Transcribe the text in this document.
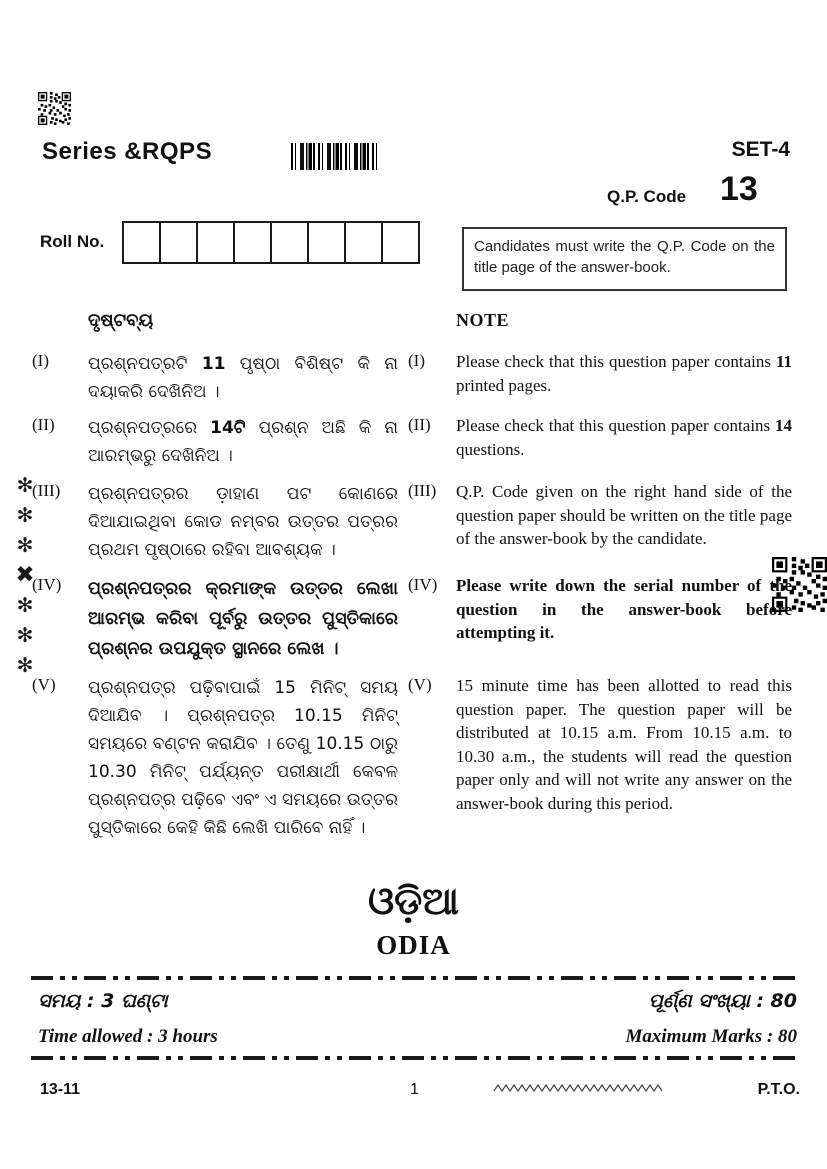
Series &RQPS	SET-4
Q.P. Code 13
Roll No.	Candidates must write the Q.P. Code on the title page of the answer-book.

✻
✻
✻
✖
✻
✻
✻
ଦୃଷ୍ଟବ୍ୟ	NOTE
(I) ପ୍ରଶ୍ନପତ୍ରଟି 11 ପୃଷ୍ଠା ବିଶିଷ୍ଟ କି ନା ଦୟାକରି ଦେଖିନିଅ ।

(I) Please check that this question paper contains 11 printed pages.

(II) ପ୍ରଶ୍ନପତ୍ରରେ 14ଟି ପ୍ରଶ୍ନ ଅଛି କି ନା ଆରମ୍ଭରୁ ଦେଖିନିଅ ।

(II) Please check that this question paper contains 14 questions.

(III) ପ୍ରଶ୍ନପତ୍ରର ଡ଼ାହାଣ ପଟ କୋଣରେ ଦିଆଯାଇଥିବା କୋଡ ନମ୍ବର ଉତ୍ତର ପତ୍ରର ପ୍ରଥମ ପୃଷ୍ଠାରେ ରହିବା ଆବଶ୍ୟକ ।

(III) Q.P. Code given on the right hand side of the question paper should be written on the title page of the answer-book by the candidate.

(IV) ପ୍ରଶ୍ନପତ୍ରର କ୍ରମାଙ୍କ ଉତ୍ତର ଲେଖା ଆରମ୍ଭ କରିବା ପୂର୍ବରୁ ଉତ୍ତର ପୁସ୍ତିକାରେ ପ୍ରଶ୍ନର ଉପଯୁକ୍ତ ସ୍ଥାନରେ ଲେଖ ।

(IV) Please write down the serial number of the question in the answer-book before attempting it.

(V) ପ୍ରଶ୍ନପତ୍ର ପଢ଼ିବାପାଇଁ 15 ମିନିଟ୍ ସମୟ ଦିଆଯିବ । ପ୍ରଶ୍ନପତ୍ର 10.15 ମିନିଟ୍ ସମୟରେ ବଣ୍ଟନ କରାଯିବ । ତେଣୁ 10.15 ଠାରୁ 10.30 ମିନିଟ୍ ପର୍ଯ୍ୟନ୍ତ ପରୀକ୍ଷାର୍ଥୀ କେବଳ ପ୍ରଶ୍ନପତ୍ର ପଢ଼ିବେ ଏବଂ ଏ ସମୟରେ ଉତ୍ତର ପୁସ୍ତିକାରେ କେହି କିଛି ଲେଖି ପାରିବେ ନାହିଁ ।

(V) 15 minute time has been allotted to read this question paper. The question paper will be distributed at 10.15 a.m. From 10.15 a.m. to 10.30 a.m., the students will read the question paper only and will not write any answer on the answer-book during this period.

ଓଡ଼ିଆ
ODIA
ସମୟ : 3 ଘଣ୍ଟା
Time allowed : 3 hours
ପୂର୍ଣ୍ଣ ସଂଖ୍ୟା : 80
Maximum Marks : 80
13-11	1	P.T.O.
